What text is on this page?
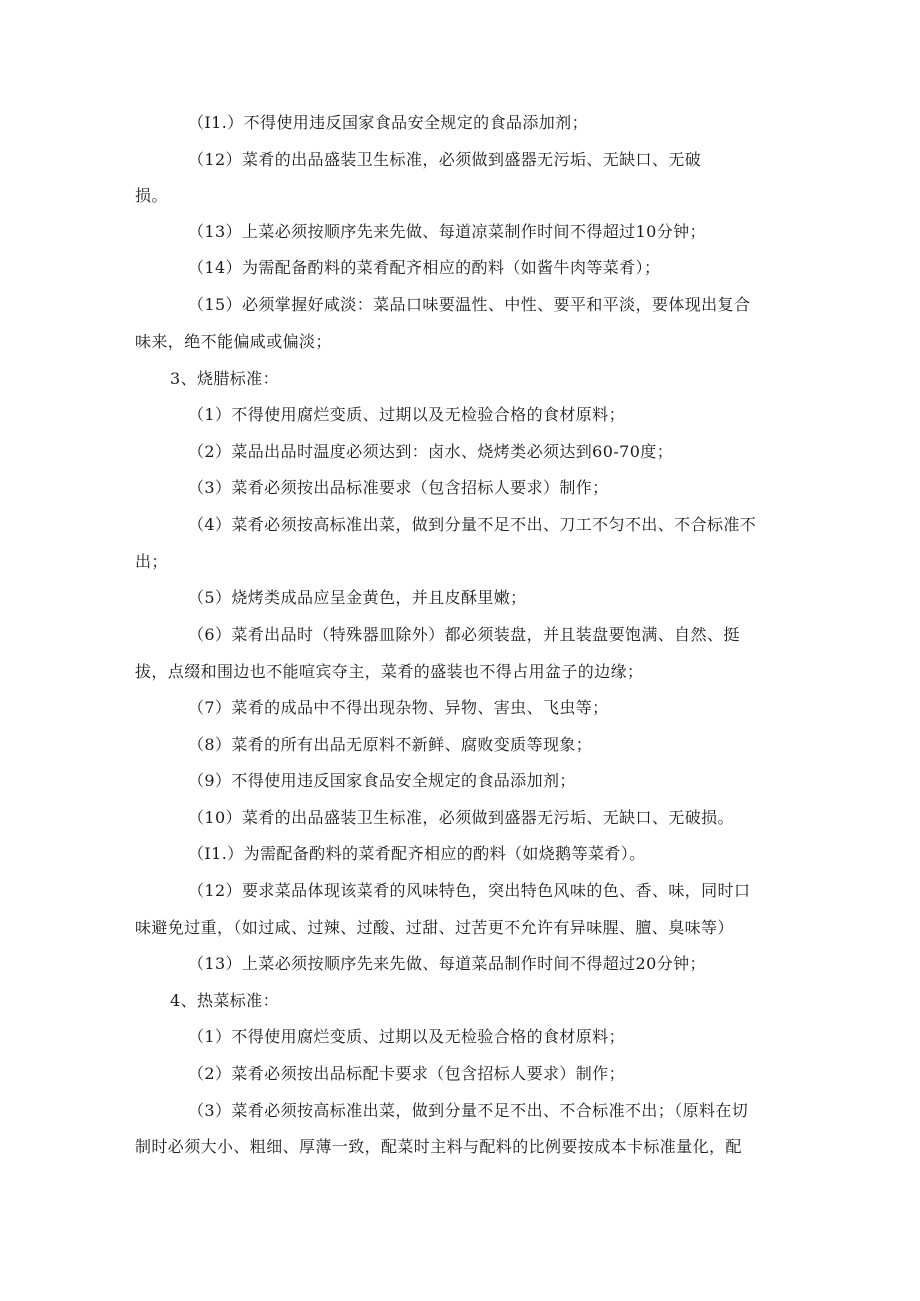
（I1.）不得使用违反国家食品安全规定的食品添加剂；
（12）菜肴的出品盛装卫生标准，必须做到盛器无污垢、无缺口、无破
损。
（13）上菜必须按顺序先来先做、每道凉菜制作时间不得超过10分钟；
（14）为需配备酌料的菜肴配齐相应的酌料（如酱牛肉等菜肴）；
（15）必须掌握好咸淡：菜品口味要温性、中性、要平和平淡，要体现出复合
味来，绝不能偏咸或偏淡；
3、烧腊标准：
（1）不得使用腐烂变质、过期以及无检验合格的食材原料；
（2）菜品出品时温度必须达到：卤水、烧烤类必须达到60-70度；
（3）菜肴必须按出品标准要求（包含招标人要求）制作；
（4）菜肴必须按高标准出菜，做到分量不足不出、刀工不匀不出、不合标准不
出；
（5）烧烤类成品应呈金黄色，并且皮酥里嫩；
（6）菜肴出品时（特殊器皿除外）都必须装盘，并且装盘要饱满、自然、挺
拔，点缀和围边也不能喧宾夺主，菜肴的盛装也不得占用盆子的边缘；
（7）菜肴的成品中不得出现杂物、异物、害虫、飞虫等；
（8）菜肴的所有出品无原料不新鲜、腐败变质等现象；
（9）不得使用违反国家食品安全规定的食品添加剂；
（10）菜肴的出品盛装卫生标准，必须做到盛器无污垢、无缺口、无破损。
（I1.）为需配备酌料的菜肴配齐相应的酌料（如烧鹅等菜肴）。
（12）要求菜品体现该菜肴的风味特色，突出特色风味的色、香、味，同时口
味避免过重，（如过咸、过辣、过酸、过甜、过苦更不允许有异味腥、膻、臭味等）
（13）上菜必须按顺序先来先做、每道菜品制作时间不得超过20分钟；
4、热菜标准：
（1）不得使用腐烂变质、过期以及无检验合格的食材原料；
（2）菜肴必须按出品标配卡要求（包含招标人要求）制作；
（3）菜肴必须按高标准出菜，做到分量不足不出、不合标准不出；（原料在切
制时必须大小、粗细、厚薄一致，配菜时主料与配料的比例要按成本卡标准量化，配
